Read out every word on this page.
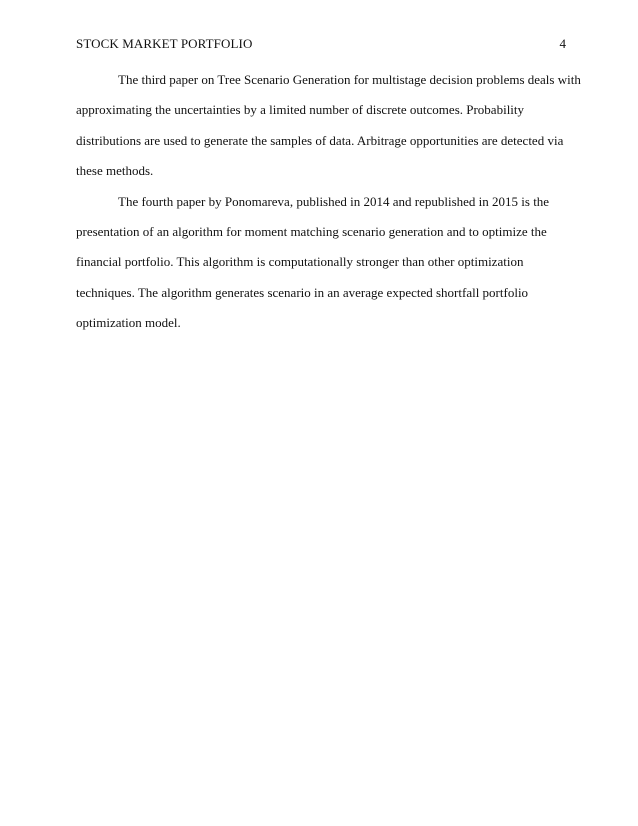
STOCK MARKET PORTFOLIO	4

The third paper on Tree Scenario Generation for multistage decision problems deals with
approximating the uncertainties by a limited number of discrete outcomes. Probability
distributions are used to generate the samples of data. Arbitrage opportunities are detected via
these methods.

The fourth paper by Ponomareva, published in 2014 and republished in 2015 is the
presentation of an algorithm for moment matching scenario generation and to optimize the
financial portfolio. This algorithm is computationally stronger than other optimization
techniques. The algorithm generates scenario in an average expected shortfall portfolio
optimization model.
